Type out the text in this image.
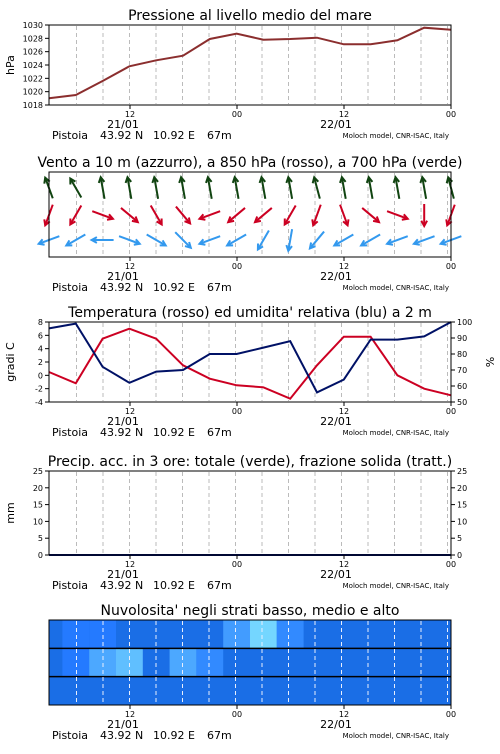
Pressione al livello medio del mare
1018
1020
1022
1024
1026
1028
1030
hPa
12	00	12	00
21/01	22/01
Pistoia 43.92 N 10.92 E 67m	Moloch model, CNR-ISAC, Italy
Vento a 10 m (azzurro), a 850 hPa (rosso), a 700 hPa (verde)
12	00	12	00
21/01	22/01
Pistoia 43.92 N 10.92 E 67m	Moloch model, CNR-ISAC, Italy
Temperatura (rosso) ed umidita' relativa (blu) a 2 m
-4
-2
0
2
4
6
8
50
60
70
80
90
100
gradi C	%
12	00	12	00
21/01	22/01
Pistoia 43.92 N 10.92 E 67m	Moloch model, CNR-ISAC, Italy
Precip. acc. in 3 ore: totale (verde), frazione solida (tratt.)
0
5
10
15
20
25
0
5
10
15
20
25
mm
12	00	12	00
21/01	22/01
Pistoia 43.92 N 10.92 E 67m	Moloch model, CNR-ISAC, Italy
Nuvolosita' negli strati basso, medio e alto
12	00	12	00
21/01	22/01
Pistoia 43.92 N 10.92 E 67m	Moloch model, CNR-ISAC, Italy
